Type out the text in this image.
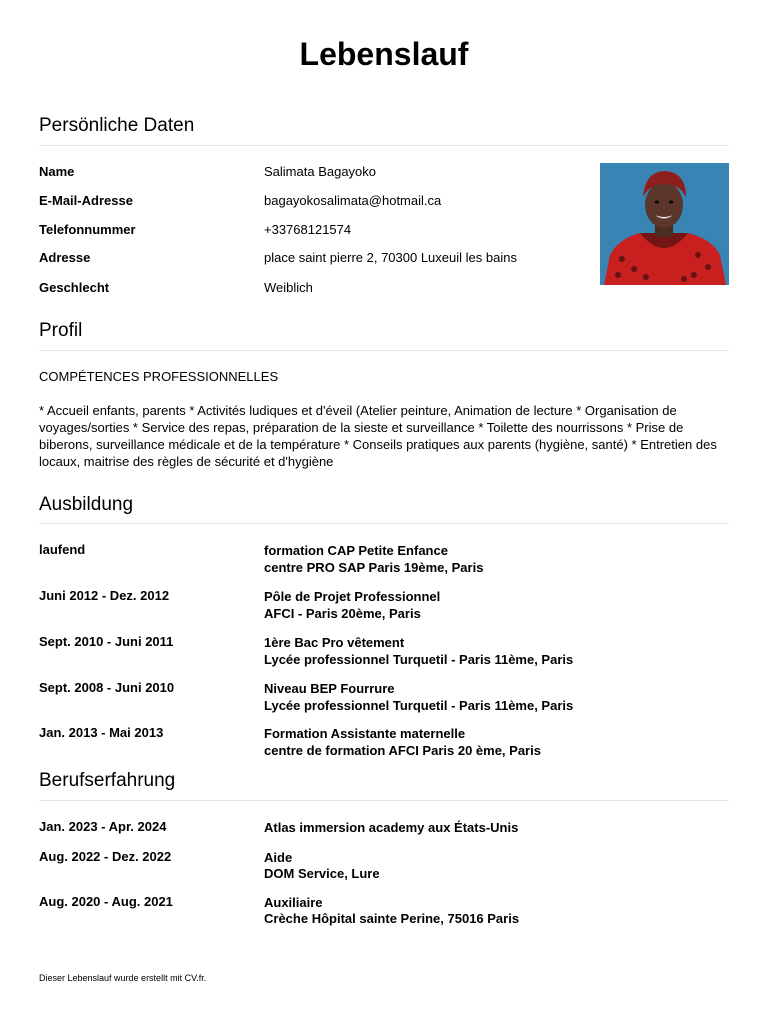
Lebenslauf
Persönliche Daten
Name	Salimata Bagayoko
E-Mail-Adresse	bagayokosalimata@hotmail.ca
Telefonnummer	+33768121574
Adresse	place saint pierre 2, 70300 Luxeuil les bains
Geschlecht	Weiblich
Profil
COMPÉTENCES PROFESSIONNELLES

* Accueil enfants, parents * Activités ludiques et d'éveil (Atelier peinture, Animation de lecture * Organisation de voyages/sorties * Service des repas, préparation de la sieste et surveillance * Toilette des nourrissons * Prise de biberons, surveillance médicale et de la température * Conseils pratiques aux parents (hygiène, santé) * Entretien des locaux, maitrise des règles de sécurité et d'hygiène

Ausbildung
laufend	formation CAP Petite Enfance
centre PRO SAP Paris 19ème, Paris
Juni 2012 - Dez. 2012	Pôle de Projet Professionnel
AFCI - Paris 20ème, Paris
Sept. 2010 - Juni 2011	1ère Bac Pro vêtement
Lycée professionnel Turquetil - Paris 11ème, Paris
Sept. 2008 - Juni 2010	Niveau BEP Fourrure
Lycée professionnel Turquetil - Paris 11ème, Paris
Jan. 2013 - Mai 2013	Formation Assistante maternelle
centre de formation AFCI Paris 20 ème, Paris
Berufserfahrung
Jan. 2023 - Apr. 2024	Atlas immersion academy aux États-Unis
Aug. 2022 - Dez. 2022	Aide
DOM Service, Lure
Aug. 2020 - Aug. 2021	Auxiliaire
Crèche Hôpital sainte Perine, 75016 Paris
Dieser Lebenslauf wurde erstellt mit CV.fr.
